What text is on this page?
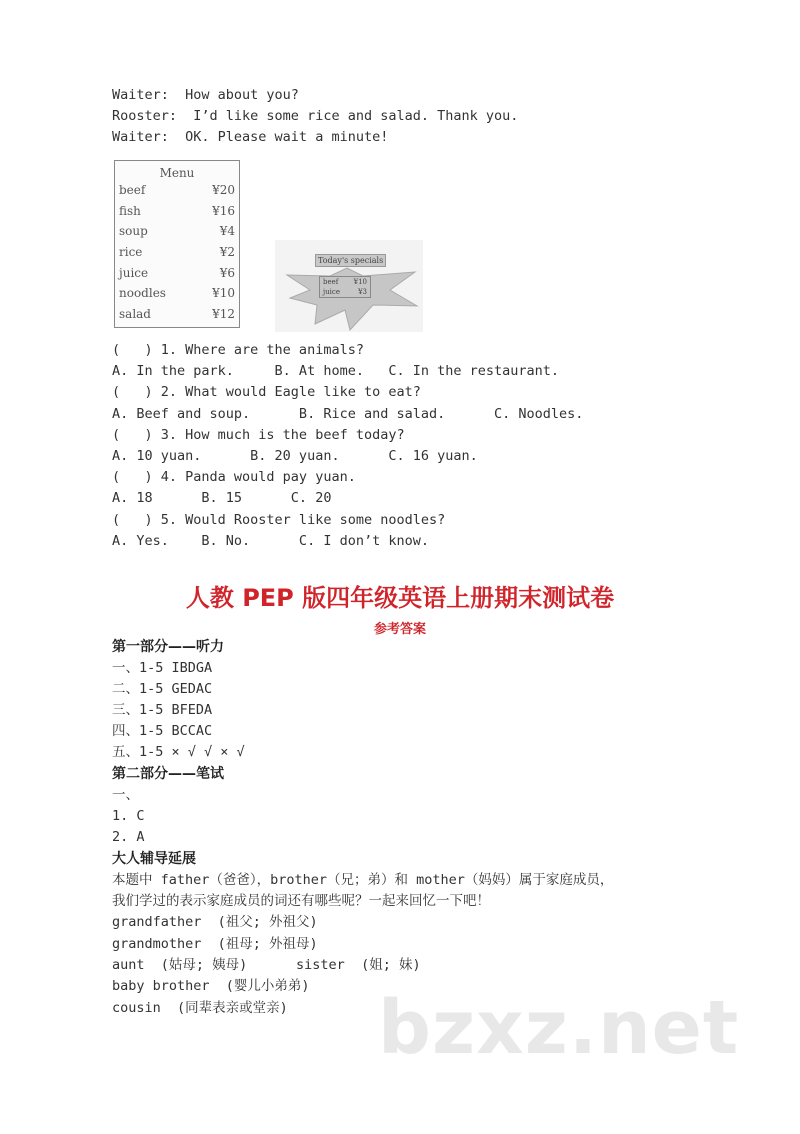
Menu
beef	¥20
fish	¥16
soup	¥4
rice	¥2
juice	¥6
noodles	¥10
salad	¥12
Today's specials
beef ¥10
juice	¥3
人教 PEP 版四年级英语上册期末测试卷
参考答案
bzxz.net
Waiter:  How about you?
Rooster:  I’d like some rice and salad. Thank you.
Waiter:  OK. Please wait a minute!
(   ) 1. Where are the animals?
A. In the park.     B. At home.   C. In the restaurant.
(   ) 2. What would Eagle like to eat?
A. Beef and soup.      B. Rice and salad.      C. Noodles.
(   ) 3. How much is the beef today?
A. 10 yuan.      B. 20 yuan.      C. 16 yuan.
(   ) 4. Panda would pay yuan.
A. 18      B. 15      C. 20
(   ) 5. Would Rooster like some noodles?
A. Yes.    B. No.      C. I don’t know.
第一部分——听力
一、1-5 IBDGA
二、1-5 GEDAC
三、1-5 BFEDA
四、1-5 BCCAC
五、1-5 × √ √ × √
第二部分——笔试
一、
1. C
2. A
大人辅导延展
本题中 father（爸爸），brother（兄；弟）和 mother（妈妈）属于家庭成员，
我们学过的表示家庭成员的词还有哪些呢？一起来回忆一下吧！
grandfather  (祖父; 外祖父)
grandmother  (祖母; 外祖母)
aunt  (姑母; 姨母)      sister  (姐; 妹)
baby brother  (婴儿小弟弟)
cousin  (同辈表亲或堂亲)
